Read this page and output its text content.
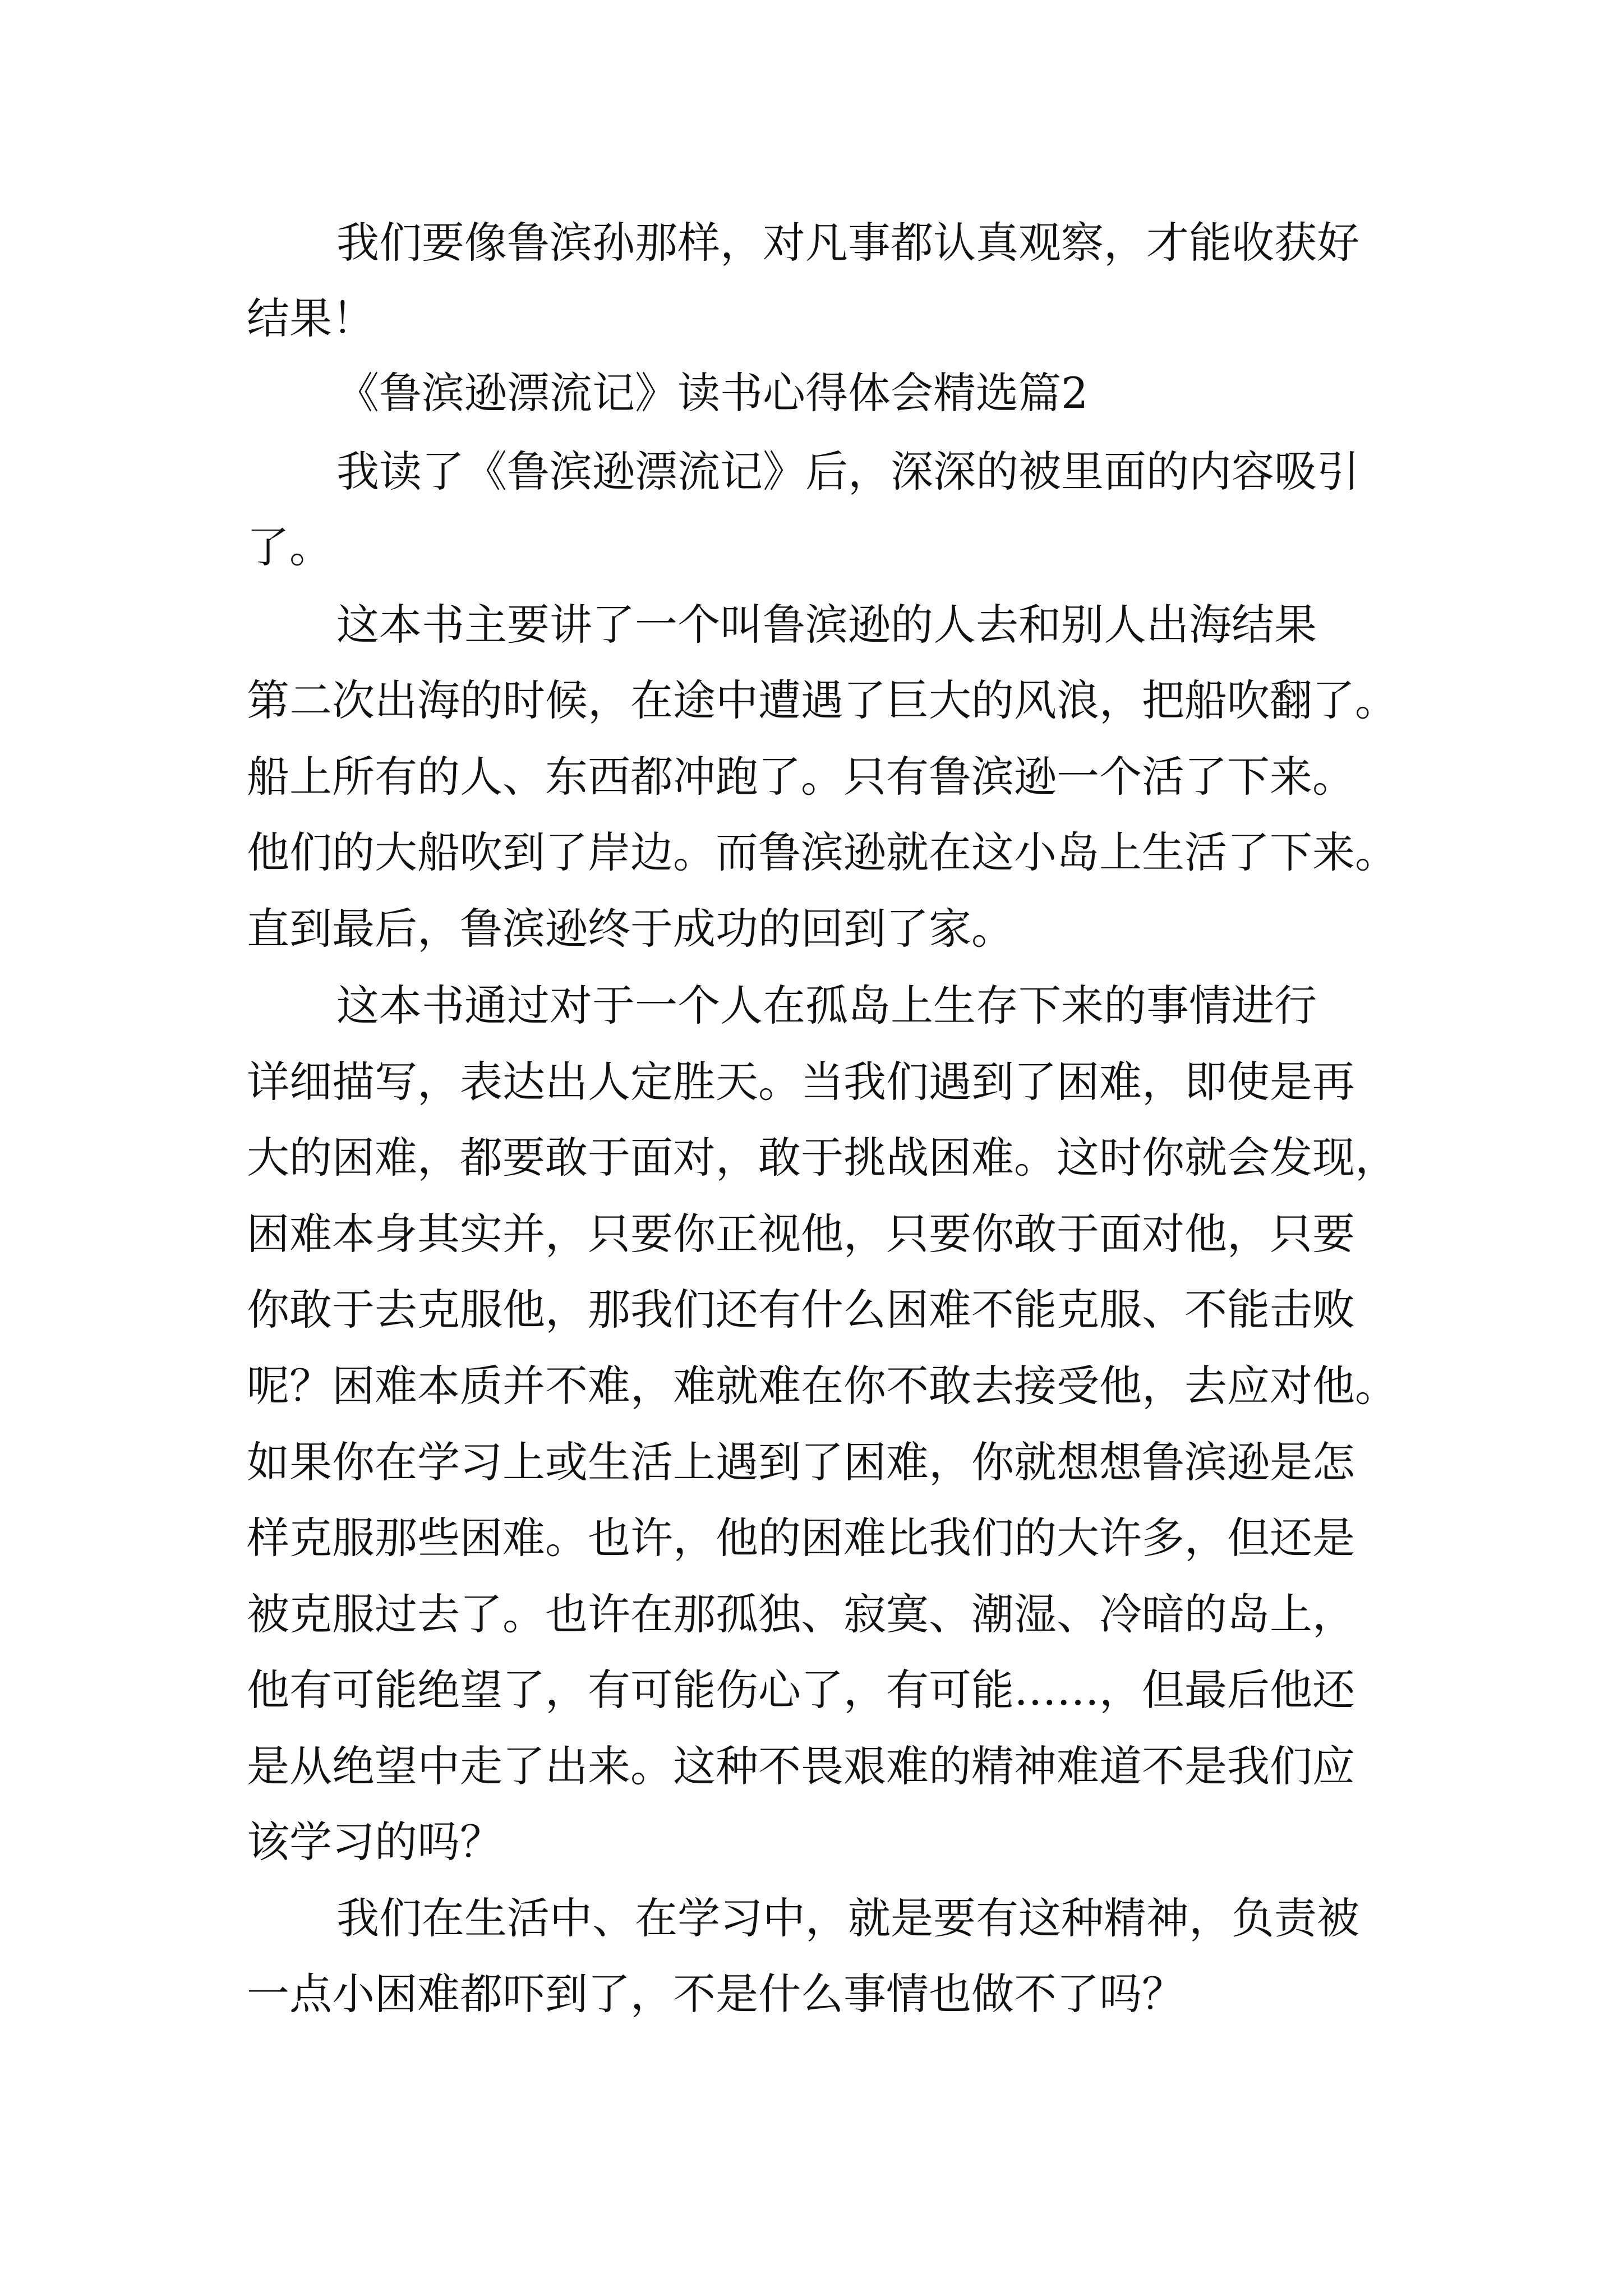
我们要像鲁滨孙那样，对凡事都认真观察，才能收获好

结果！

《鲁滨逊漂流记》读书心得体会精选篇2

我读了《鲁滨逊漂流记》后，深深的被里面的内容吸引

了。

这本书主要讲了一个叫鲁滨逊的人去和别人出海结果

第二次出海的时候，在途中遭遇了巨大的风浪，把船吹翻了。

船上所有的人、东西都冲跑了。只有鲁滨逊一个活了下来。

他们的大船吹到了岸边。而鲁滨逊就在这小岛上生活了下来。

直到最后，鲁滨逊终于成功的回到了家。

这本书通过对于一个人在孤岛上生存下来的事情进行

详细描写，表达出人定胜天。当我们遇到了困难，即使是再

大的困难，都要敢于面对，敢于挑战困难。这时你就会发现，

困难本身其实并，只要你正视他，只要你敢于面对他，只要

你敢于去克服他，那我们还有什么困难不能克服、不能击败

呢？困难本质并不难，难就难在你不敢去接受他，去应对他。

如果你在学习上或生活上遇到了困难，你就想想鲁滨逊是怎

样克服那些困难。也许，他的困难比我们的大许多，但还是

被克服过去了。也许在那孤独、寂寞、潮湿、冷暗的岛上，

他有可能绝望了，有可能伤心了，有可能……，但最后他还

是从绝望中走了出来。这种不畏艰难的精神难道不是我们应

该学习的吗？

我们在生活中、在学习中，就是要有这种精神，负责被

一点小困难都吓到了，不是什么事情也做不了吗？
